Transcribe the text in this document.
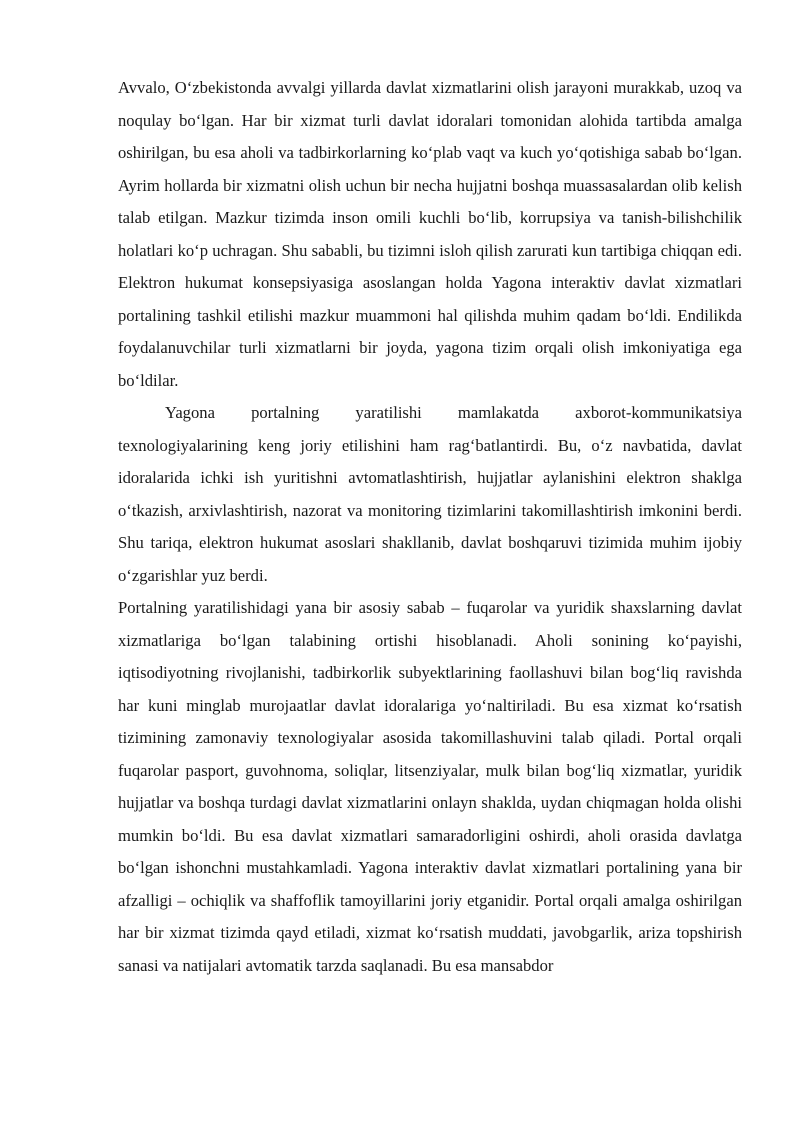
Avvalo, O‘zbekistonda avvalgi yillarda davlat xizmatlarini olish jarayoni murakkab, uzoq va noqulay bo‘lgan. Har bir xizmat turli davlat idoralari tomonidan alohida tartibda amalga oshirilgan, bu esa aholi va tadbirkorlarning ko‘plab vaqt va kuch yo‘qotishiga sabab bo‘lgan. Ayrim hollarda bir xizmatni olish uchun bir necha hujjatni boshqa muassasalardan olib kelish talab etilgan. Mazkur tizimda inson omili kuchli bo‘lib, korrupsiya va tanish-bilishchilik holatlari ko‘p uchragan. Shu sababli, bu tizimni isloh qilish zarurati kun tartibiga chiqqan edi. Elektron hukumat konsepsiyasiga asoslangan holda Yagona interaktiv davlat xizmatlari portalining tashkil etilishi mazkur muammoni hal qilishda muhim qadam bo‘ldi. Endilikda foydalanuvchilar turli xizmatlarni bir joyda, yagona tizim orqali olish imkoniyatiga ega bo‘ldilar.

Yagona portalning yaratilishi mamlakatda axborot-kommunikatsiya texnologiyalarining keng joriy etilishini ham rag‘batlantirdi. Bu, o‘z navbatida, davlat idoralarida ichki ish yuritishni avtomatlashtirish, hujjatlar aylanishini elektron shaklga o‘tkazish, arxivlashtirish, nazorat va monitoring tizimlarini takomillashtirish imkonini berdi. Shu tariqa, elektron hukumat asoslari shakllanib, davlat boshqaruvi tizimida muhim ijobiy o‘zgarishlar yuz berdi.

Portalning yaratilishidagi yana bir asosiy sabab – fuqarolar va yuridik shaxslarning davlat xizmatlariga bo‘lgan talabining ortishi hisoblanadi. Aholi sonining ko‘payishi, iqtisodiyotning rivojlanishi, tadbirkorlik subyektlarining faollashuvi bilan bog‘liq ravishda har kuni minglab murojaatlar davlat idoralariga yo‘naltiriladi. Bu esa xizmat ko‘rsatish tizimining zamonaviy texnologiyalar asosida takomillashuvini talab qiladi. Portal orqali fuqarolar pasport, guvohnoma, soliqlar, litsenziyalar, mulk bilan bog‘liq xizmatlar, yuridik hujjatlar va boshqa turdagi davlat xizmatlarini onlayn shaklda, uydan chiqmagan holda olishi mumkin bo‘ldi. Bu esa davlat xizmatlari samaradorligini oshirdi, aholi orasida davlatga bo‘lgan ishonchni mustahkamladi. Yagona interaktiv davlat xizmatlari portalining yana bir afzalligi – ochiqlik va shaffoflik tamoyillarini joriy etganidir. Portal orqali amalga oshirilgan har bir xizmat tizimda qayd etiladi, xizmat ko‘rsatish muddati, javobgarlik, ariza topshirish sanasi va natijalari avtomatik tarzda saqlanadi. Bu esa mansabdor
